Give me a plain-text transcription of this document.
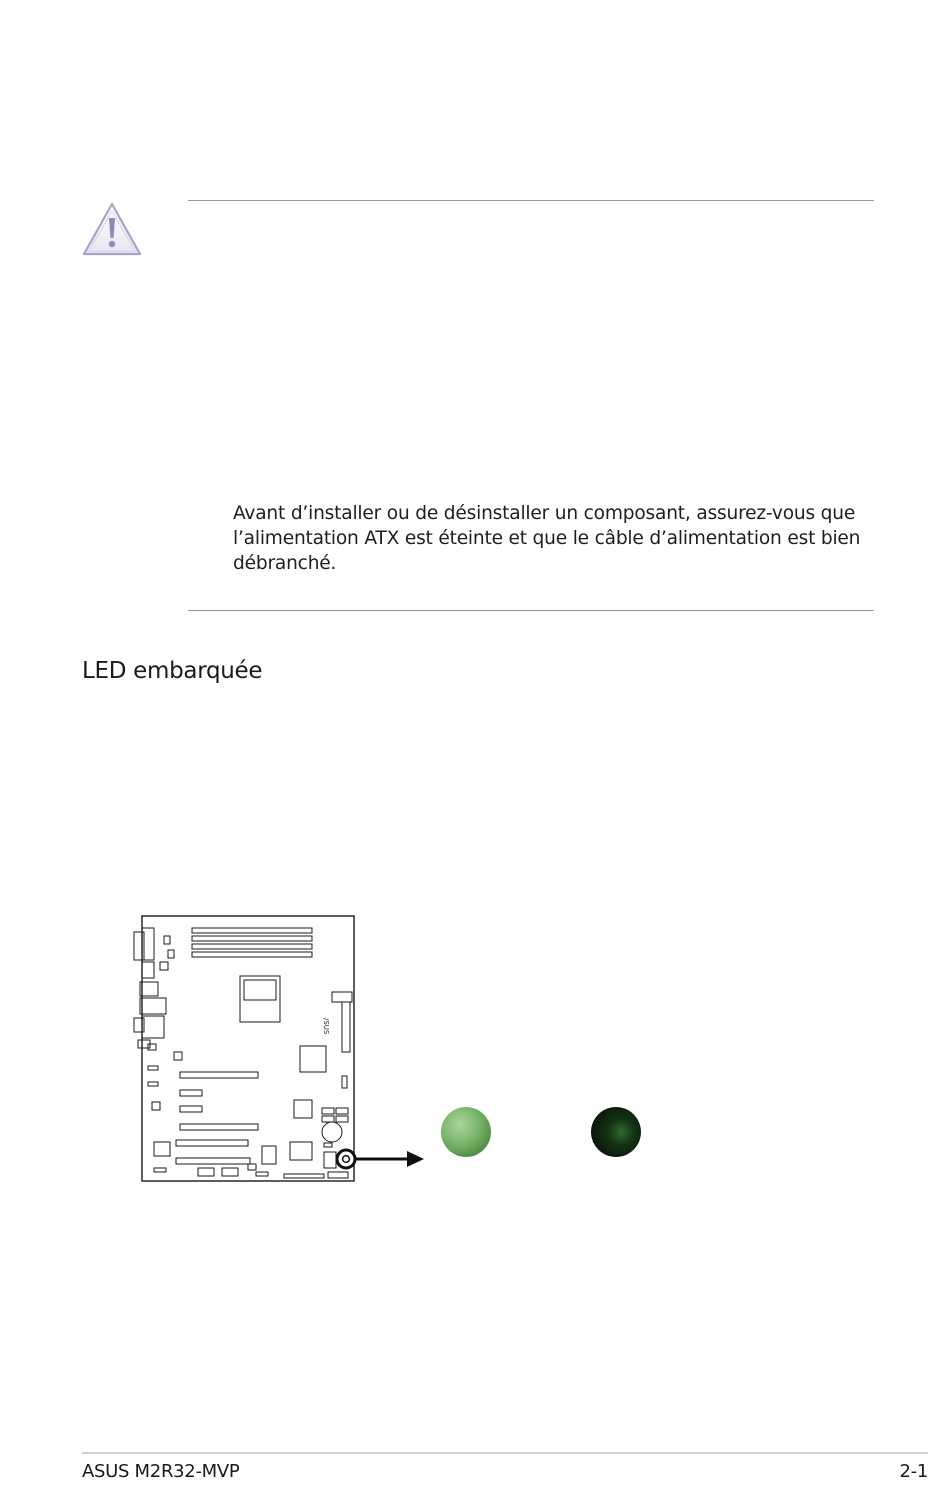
Avant d’installer ou de désinstaller un composant, assurez-vous que l’alimentation ATX est éteinte et que le câble d’alimentation est bien débranché.
LED embarquée
/SUS
ASUS M2R32-MVP	2-1
